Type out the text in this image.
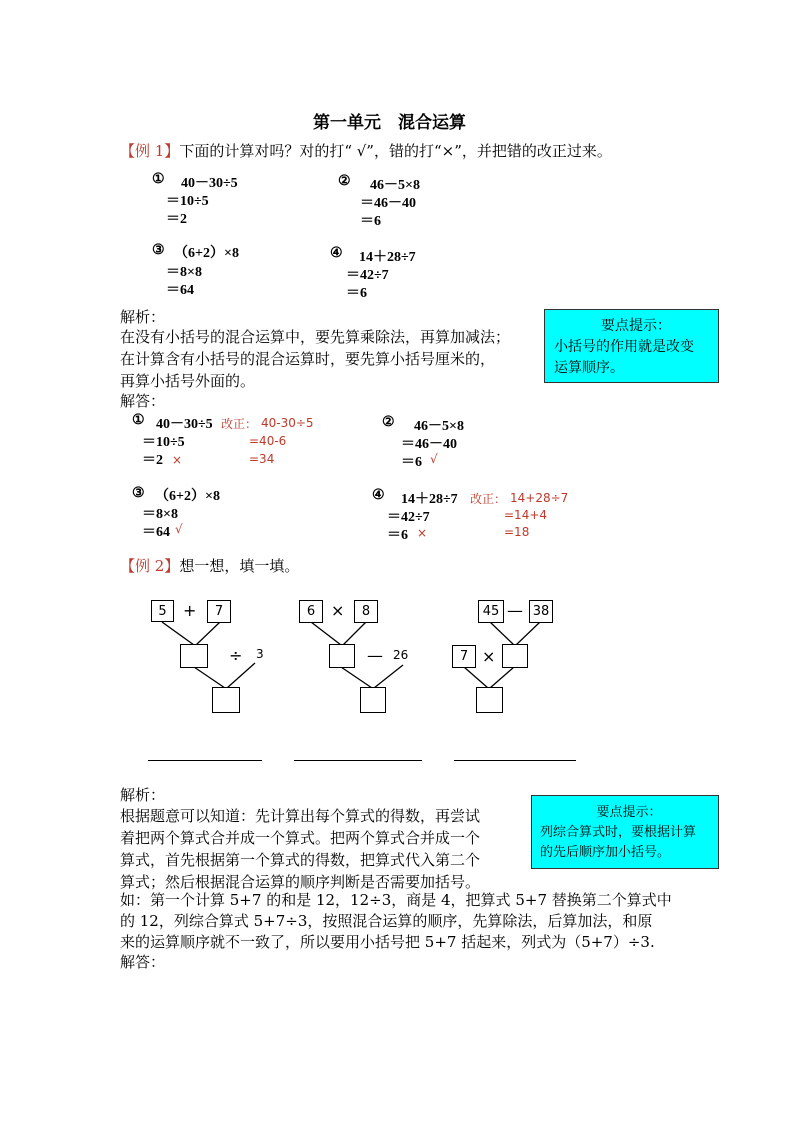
第一单元　混合运算
【例 1】下面的计算对吗？对的打“ √”，错的打“×”，并把错的改正过来。
① 40－30÷5
＝10÷5
＝2
② 46－5×8
＝46－40
＝6
③ （6+2）×8
＝8×8
＝64
④ 14＋28÷7
＝42÷7
＝6
解析：
在没有小括号的混合运算中，要先算乘除法，再算加减法；
在计算含有小括号的混合运算时，要先算小括号厘米的，
再算小括号外面的。
要点提示：
小括号的作用就是改变
运算顺序。
解答：
① 40－30÷5
＝10÷5
＝2 ×
改正： 40-30÷5
=40-6
=34
② 46－5×8
＝46－40
＝6 √
③ （6+2）×8
＝8×8
＝64 √
④ 14＋28÷7
＝42÷7
＝6 ×
改正： 14+28÷7
=14+4
=18
【例 2】想一想，填一填。
5	+	7
÷ 3
6 ×	8
— 26
45 — 38
7 ×
解析：
根据题意可以知道：先计算出每个算式的得数，再尝试
着把两个算式合并成一个算式。把两个算式合并成一个
算式，首先根据第一个算式的得数，把算式代入第二个
算式；然后根据混合运算的顺序判断是否需要加括号。
如：第一个计算 5+7 的和是 12，12÷3，商是 4，把算式 5+7 替换第二个算式中
的 12，列综合算式 5+7÷3，按照混合运算的顺序，先算除法，后算加法，和原
来的运算顺序就不一致了，所以要用小括号把 5+7 括起来，列式为（5+7）÷3.
要点提示：
列综合算式时，要根据计算
的先后顺序加小括号。
解答：
